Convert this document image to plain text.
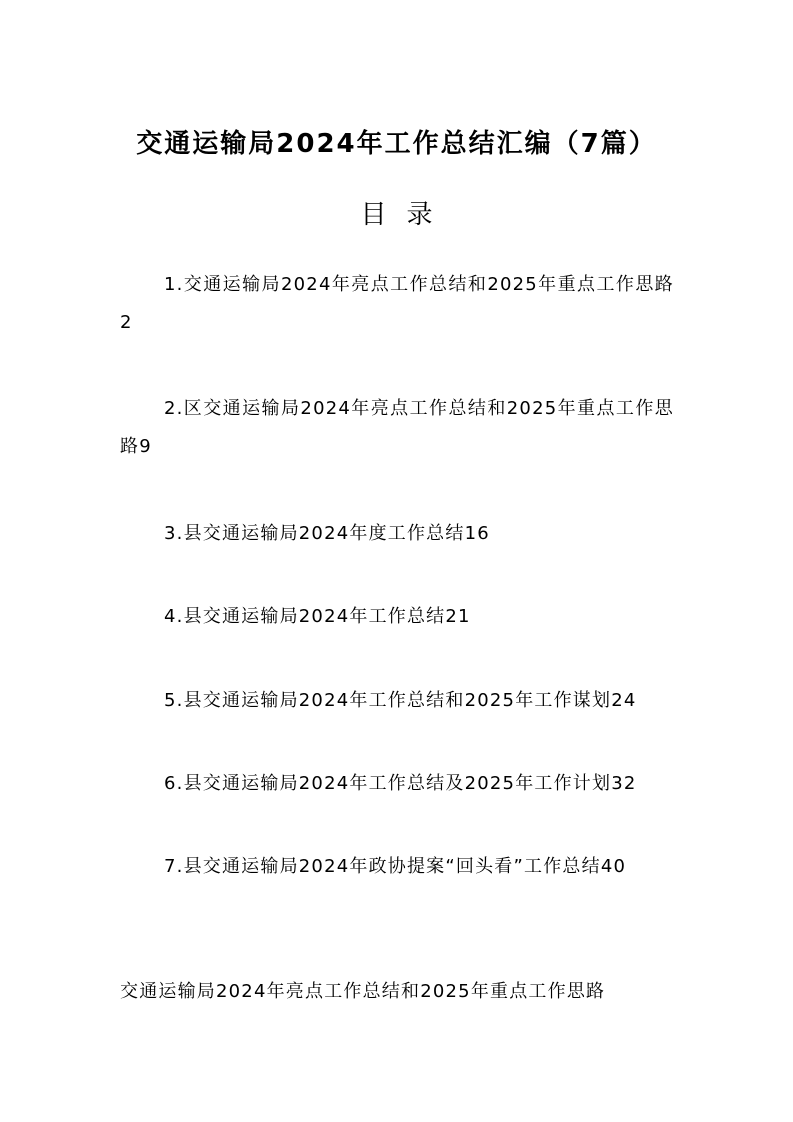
交通运输局2024年工作总结汇编（7篇）
目录
1.交通运输局2024年亮点工作总结和2025年重点工作思路2
2.区交通运输局2024年亮点工作总结和2025年重点工作思路9
3.县交通运输局2024年度工作总结16
4.县交通运输局2024年工作总结21
5.县交通运输局2024年工作总结和2025年工作谋划24
6.县交通运输局2024年工作总结及2025年工作计划32
7.县交通运输局2024年政协提案“回头看”工作总结40
交通运输局2024年亮点工作总结和2025年重点工作思路
